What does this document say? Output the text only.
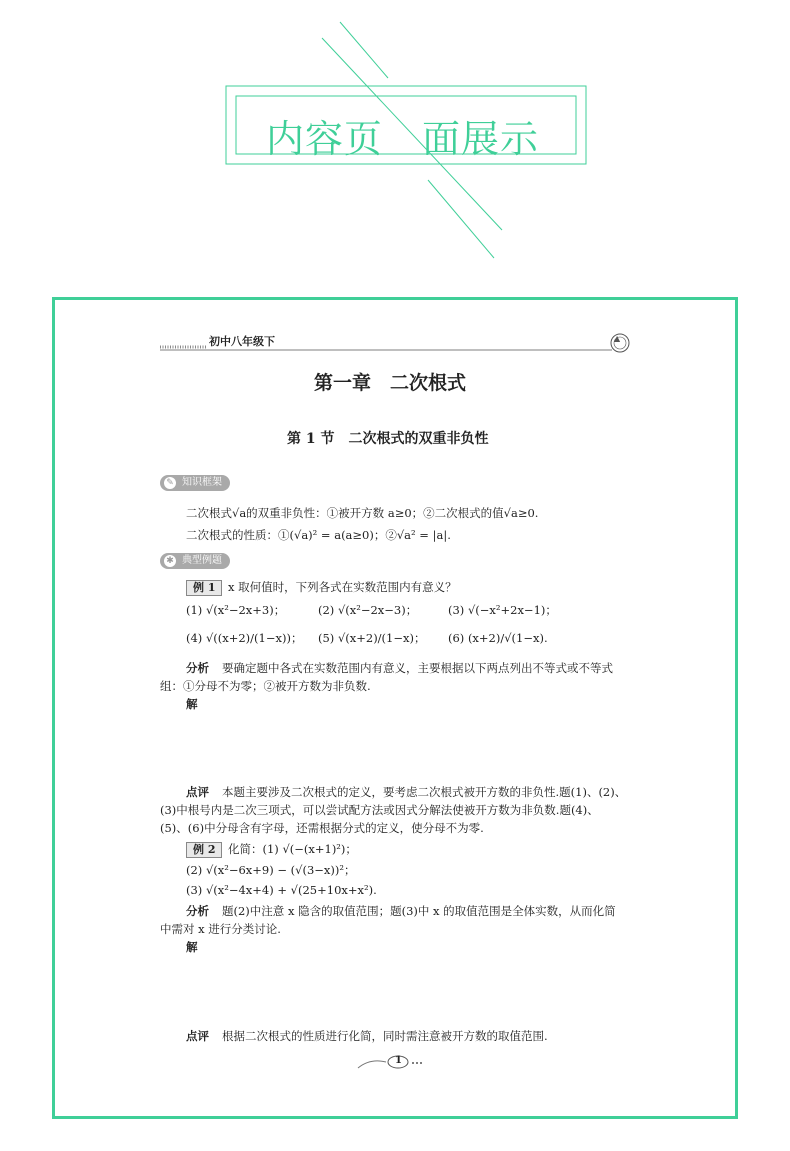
内容页　面展示
初中八年级下	▲
第一章　二次根式
第 1 节　二次根式的双重非负性
✎ 知识框架
二次根式√a的双重非负性：①被开方数 a≥0；②二次根式的值√a≥0.
二次根式的性质：①(√a)² = a(a≥0)；②√a² = |a|.
✱ 典型例题
例 1	x 取何值时，下列各式在实数范围内有意义？
(1) √(x²−2x+3)；	(2) √(x²−2x−3)；	(3) √(−x²+2x−1)；
(4) √((x+2)/(1−x))； (5) √(x+2)/(1−x)； (6) (x+2)/√(1−x).
分析 要确定题中各式在实数范围内有意义，主要根据以下两点列出不等式或不等式
组：①分母不为零；②被开方数为非负数.
解
点评 本题主要涉及二次根式的定义，要考虑二次根式被开方数的非负性.题(1)、(2)、
(3)中根号内是二次三项式，可以尝试配方法或因式分解法使被开方数为非负数.题(4)、
(5)、(6)中分母含有字母，还需根据分式的定义，使分母不为零.
例 2	化简：(1) √(−(x+1)²)；
(2) √(x²−6x+9) − (√(3−x))²；
(3) √(x²−4x+4) + √(25+10x+x²).
分析 题(2)中注意 x 隐含的取值范围；题(3)中 x 的取值范围是全体实数，从而化简
中需对 x 进行分类讨论.
解
点评 根据二次根式的性质进行化简，同时需注意被开方数的取值范围.
1
